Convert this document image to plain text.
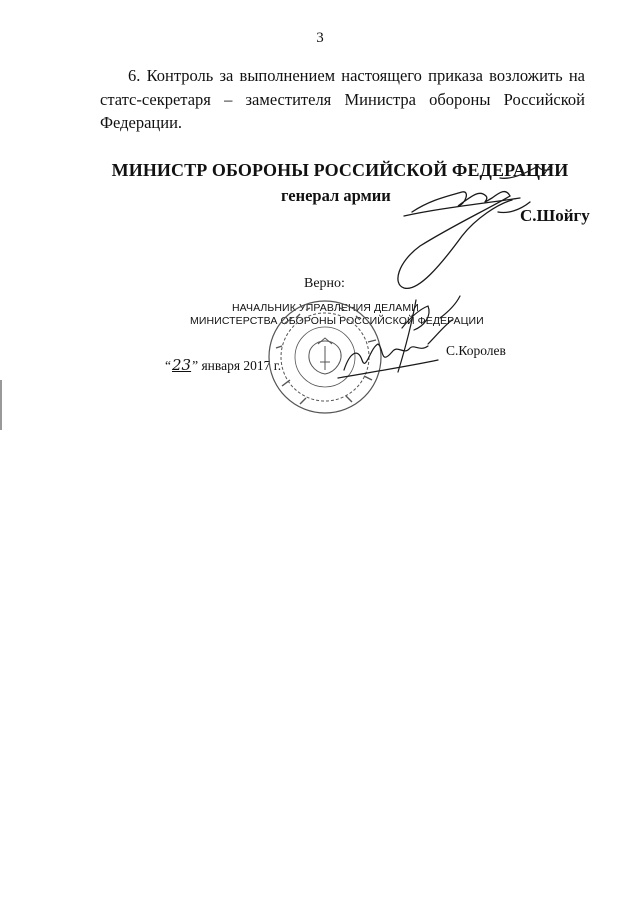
3
6. Контроль за выполнением настоящего приказа возложить на статс-секретаря – заместителя Министра обороны Российской Федерации.
МИНИСТР ОБОРОНЫ РОССИЙСКОЙ ФЕДЕРАЦИИ
генерал армии
С.Шойгу
Верно:
НАЧАЛЬНИК УПРАВЛЕНИЯ ДЕЛАМИ
МИНИСТЕРСТВА ОБОРОНЫ РОССИЙСКОЙ ФЕДЕРАЦИИ
“23” января 2017 г.
С.Королев
